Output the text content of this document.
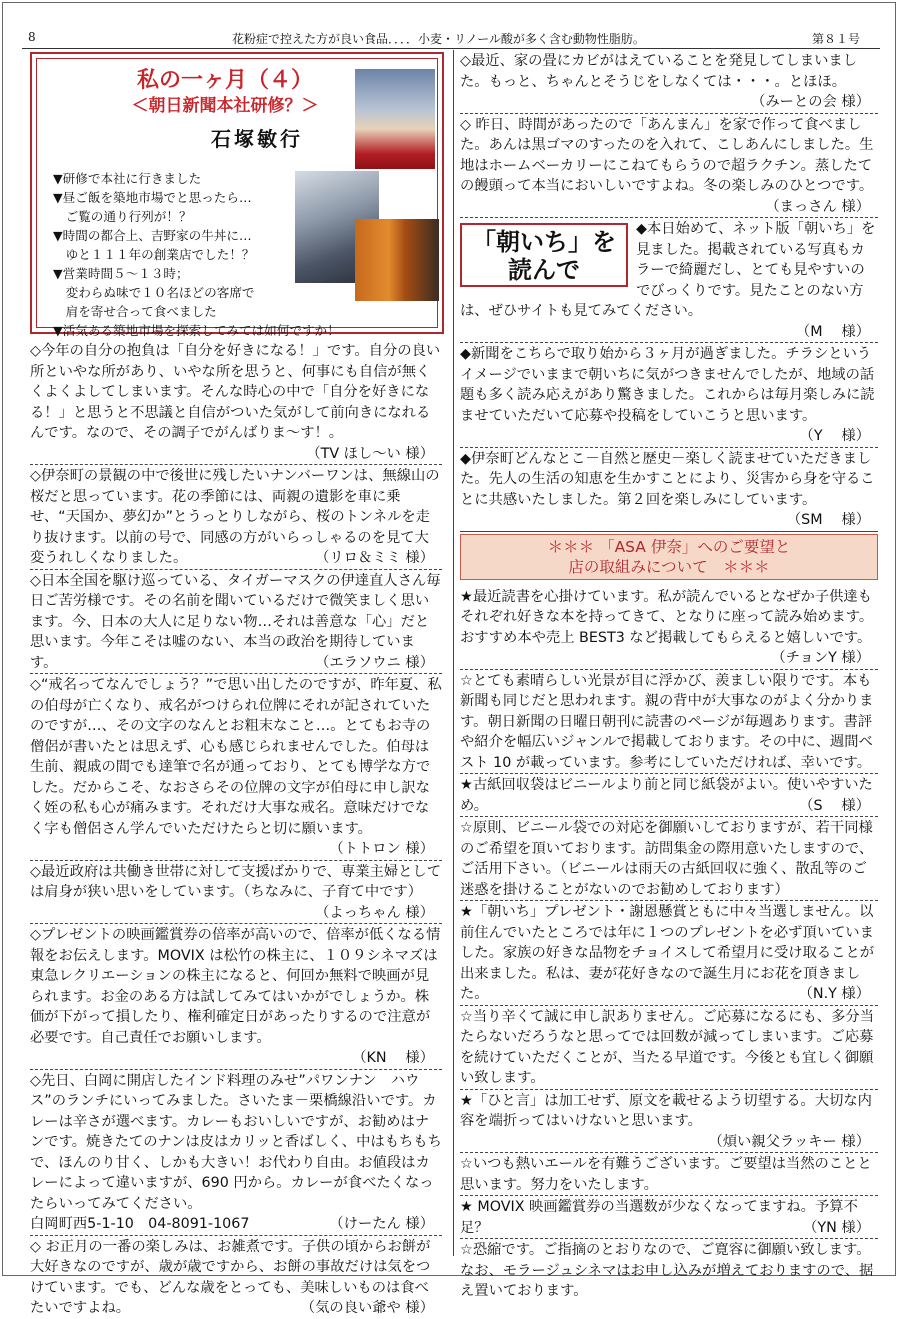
8	花粉症で控えた方が良い食品．．．．小麦・リノール酸が多く含む動物性脂肪。	第８１号
私の一ヶ月（４）
＜朝日新聞本社研修？＞
石塚敏行
▼研修で本社に行きました
▼昼ご飯を築地市場でと思ったら…
　ご覧の通り行列が！？
▼時間の都合上、吉野家の牛丼に…
　ゆと１１１年の創業店でした！？
▼営業時間５～１３時；
　変わらぬ味で１０名ほどの客席で
　肩を寄せ合って食べました
▼活気ある築地市場を探索してみては如何ですか！
◇今年の自分の抱負は「自分を好きになる！」です。自分の良い所といやな所があり、いやな所を思うと、何事にも自信が無くくよくよしてしまいます。そんな時心の中で「自分を好きになる！」と思うと不思議と自信がついた気がして前向きになれるんです。なので、その調子でがんばりま～す！。
（TV ほし～い 様）
◇伊奈町の景観の中で後世に残したいナンバーワンは、無線山の桜だと思っています。花の季節には、両親の遺影を車に乗せ、“天国か、夢幻か”とうっとりしながら、桜のトンネルを走り抜けます。以前の号で、同感の方がいらっしゃるのを見て大変うれしくなりました。	（リロ＆ミミ 様）
◇日本全国を駆け巡っている、タイガーマスクの伊達直人さん毎日ご苦労様です。その名前を聞いているだけで微笑ましく思います。今、日本の大人に足りない物…それは善意な「心」だと思います。今年こそは嘘のない、本当の政治を期待しています。	（エラソウニ 様）
◇“戒名ってなんでしょう？”で思い出したのですが、昨年夏、私の伯母が亡くなり、戒名がつけられ位牌にそれが記されていたのですが…、その文字のなんとお粗末なこと…。とてもお寺の僧侶が書いたとは思えず、心も感じられませんでした。伯母は生前、親戚の間でも達筆で名が通っており、とても博学な方でした。だからこそ、なおさらその位牌の文字が伯母に申し訳なく姪の私も心が痛みます。それだけ大事な戒名。意味だけでなく字も僧侶さん学んでいただけたらと切に願います。
（トトロン 様）
◇最近政府は共働き世帯に対して支援ばかりで、専業主婦としては肩身が狭い思いをしています。（ちなみに、子育て中です）
（よっちゃん 様）
◇プレゼントの映画鑑賞券の倍率が高いので、倍率が低くなる情報をお伝えします。MOVIX は松竹の株主に、１０９シネマズは東急レクリエーションの株主になると、何回か無料で映画が見られます。お金のある方は試してみてはいかがでしょうか。株価が下がって損したり、権利確定日があったりするので注意が必要です。自己責任でお願いします。
（KN　 様）
◇先日、白岡に開店したインド料理のみせ”パワンナン　ハウス”のランチにいってみました。さいたま－栗橋線沿いです。カレーは辛さが選べます。カレーもおいしいですが、お勧めはナンです。焼きたてのナンは皮はカリッと香ばしく、中はもちもちで、ほんのり甘く、しかも大きい！お代わり自由。お値段はカレーによって違いますが、690 円から。カレーが食べたくなったらいってみてください。
白岡町西5-1-10　04-8091-1067	（けーたん 様）
◇ お正月の一番の楽しみは、お雑煮です。子供の頃からお餅が大好きなのですが、歳が歳ですから、お餅の事故だけは気をつけています。でも、どんな歳をとっても、美味しいものは食べたいですよね。	（気の良い爺や 様）
◇最近、家の畳にカビがはえていることを発見してしまいました。もっと、ちゃんとそうじをしなくては・・・。とほほ。
（みーとの会 様）
◇ 昨日、時間があったので「あんまん」を家で作って食べました。あんは黒ゴマのすったのを入れて、こしあんにしました。生地はホームベーカリーにこねてもらうので超ラクチン。蒸したての饅頭って本当においしいですよね。冬の楽しみのひとつです。
（まっさん 様）
「朝いち」を
読んで
◆本日始めて、ネット版「朝いち」を見ました。掲載されている写真もカラーで綺麗だし、とても見やすいのでびっくりです。見たことのない方は、ぜひサイトも見てみてください。
（M　 様）
◆新聞をこちらで取り始から３ヶ月が過ぎました。チラシというイメージでいままで朝いちに気がつきませんでしたが、地域の話題も多く読み応えがあり驚きました。これからは毎月楽しみに読ませていただいて応募や投稿をしていこうと思います。
（Y　 様）
◆伊奈町どんなとこ－自然と歴史－楽しく読ませていただきました。先人の生活の知恵を生かすことにより、災害から身を守ることに共感いたしました。第２回を楽しみにしています。
（SM　 様）
＊＊＊ 「ASA 伊奈」へのご要望と
店の取組みについて　＊＊＊
★最近読書を心掛けています。私が読んでいるとなぜか子供達もそれぞれ好きな本を持ってきて、となりに座って読み始めます。おすすめ本や売上 BEST3 など掲載してもらえると嬉しいです。
（チョンY 様）
☆とても素晴らしい光景が目に浮かび、羨ましい限りです。本も新聞も同じだと思われます。親の背中が大事なのがよく分かります。朝日新聞の日曜日朝刊に読書のページが毎週あります。書評や紹介を幅広いジャンルで掲載しております。その中に、週間ベスト 10 が載っています。参考にしていただければ、幸いです。
★古紙回収袋はビニールより前と同じ紙袋がよい。使いやすいため。	（S　 様）
☆原則、ビニール袋での対応を御願いしておりますが、若干同様のご希望を頂いております。訪問集金の際用意いたしますので、ご活用下さい。（ビニールは雨天の古紙回収に強く、散乱等のご迷惑を掛けることがないのでお勧めしております）
★「朝いち」プレゼント・謝恩懸賞ともに中々当選しません。以前住んでいたところでは年に１つのプレゼントを必ず頂いていました。家族の好きな品物をチョイスして希望月に受け取ることが出来ました。私は、妻が花好きなので誕生月にお花を頂きました。	（N.Y 様）
☆当り辛くて誠に申し訳ありません。ご応募になるにも、多分当たらないだろうなと思ってでは回数が減ってしまいます。ご応募を続けていただくことが、当たる早道です。今後とも宜しく御願い致します。
★「ひと言」は加工せず、原文を載せるよう切望する。大切な内容を端折ってはいけないと思います。
（煩い親父ラッキー 様）
☆いつも熱いエールを有難うございます。ご要望は当然のことと思います。努力をいたします。
★ MOVIX 映画鑑賞券の当選数が少なくなってますね。予算不足？	（YN 様）
☆恐縮です。ご指摘のとおりなので、ご寛容に御願い致します。なお、モラージュシネマはお申し込みが増えておりますので、据え置いております。
